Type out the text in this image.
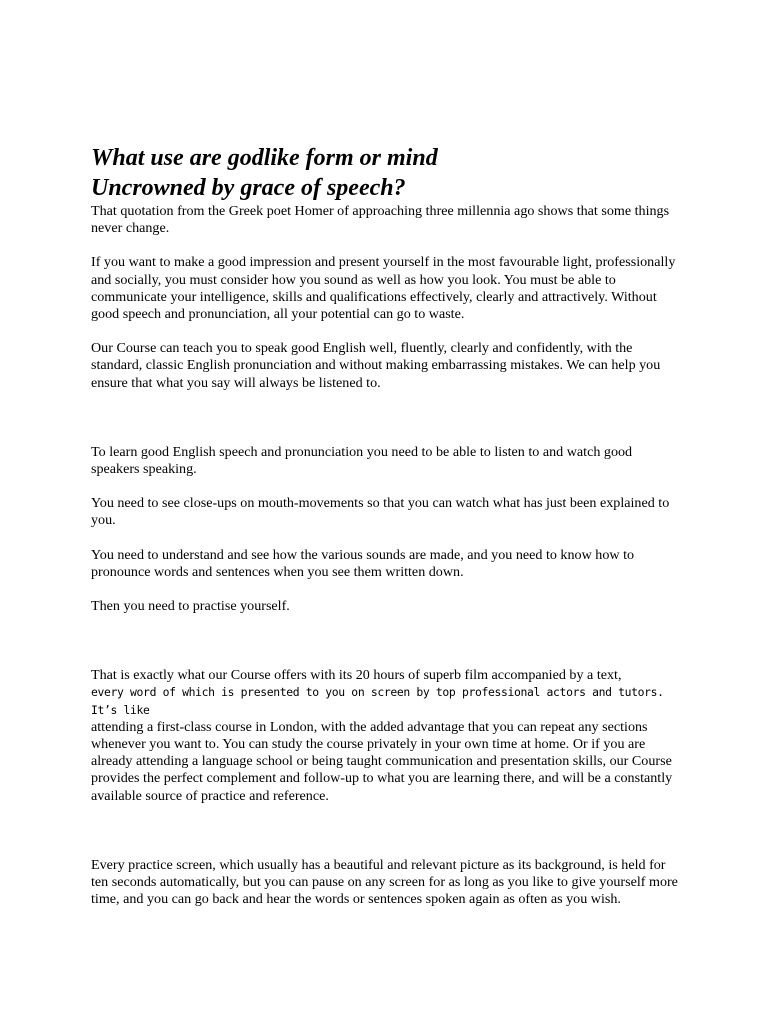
What use are godlike form or mind
Uncrowned by grace of speech?

That quotation from the Greek poet Homer of approaching three millennia ago shows that some things never change.

If you want to make a good impression and present yourself in the most favourable light, professionally and socially, you must consider how you sound as well as how you look. You must be able to communicate your intelligence, skills and qualifications effectively, clearly and attractively. Without good speech and pronunciation, all your potential can go to waste.

Our Course can teach you to speak good English well, fluently, clearly and confidently, with the standard, classic English pronunciation and without making embarrassing mistakes. We can help you ensure that what you say will always be listened to.

To learn good English speech and pronunciation you need to be able to listen to and watch good speakers speaking.

You need to see close-ups on mouth-movements so that you can watch what has just been explained to you.

You need to understand and see how the various sounds are made, and you need to know how to pronounce words and sentences when you see them written down.

Then you need to practise yourself.

That is exactly what our Course offers with its 20 hours of superb film accompanied by a text,
every word of which is presented to you on screen by top professional actors and tutors. It’s like
attending a first-class course in London, with the added advantage that you can repeat any sections whenever you want to. You can study the course privately in your own time at home. Or if you are already attending a language school or being taught communication and presentation skills, our Course provides the perfect complement and follow-up to what you are learning there, and will be a constantly available source of practice and reference.

Every practice screen, which usually has a beautiful and relevant picture as its background, is held for ten seconds automatically, but you can pause on any screen for as long as you like to give yourself more time, and you can go back and hear the words or sentences spoken again as often as you wish.
